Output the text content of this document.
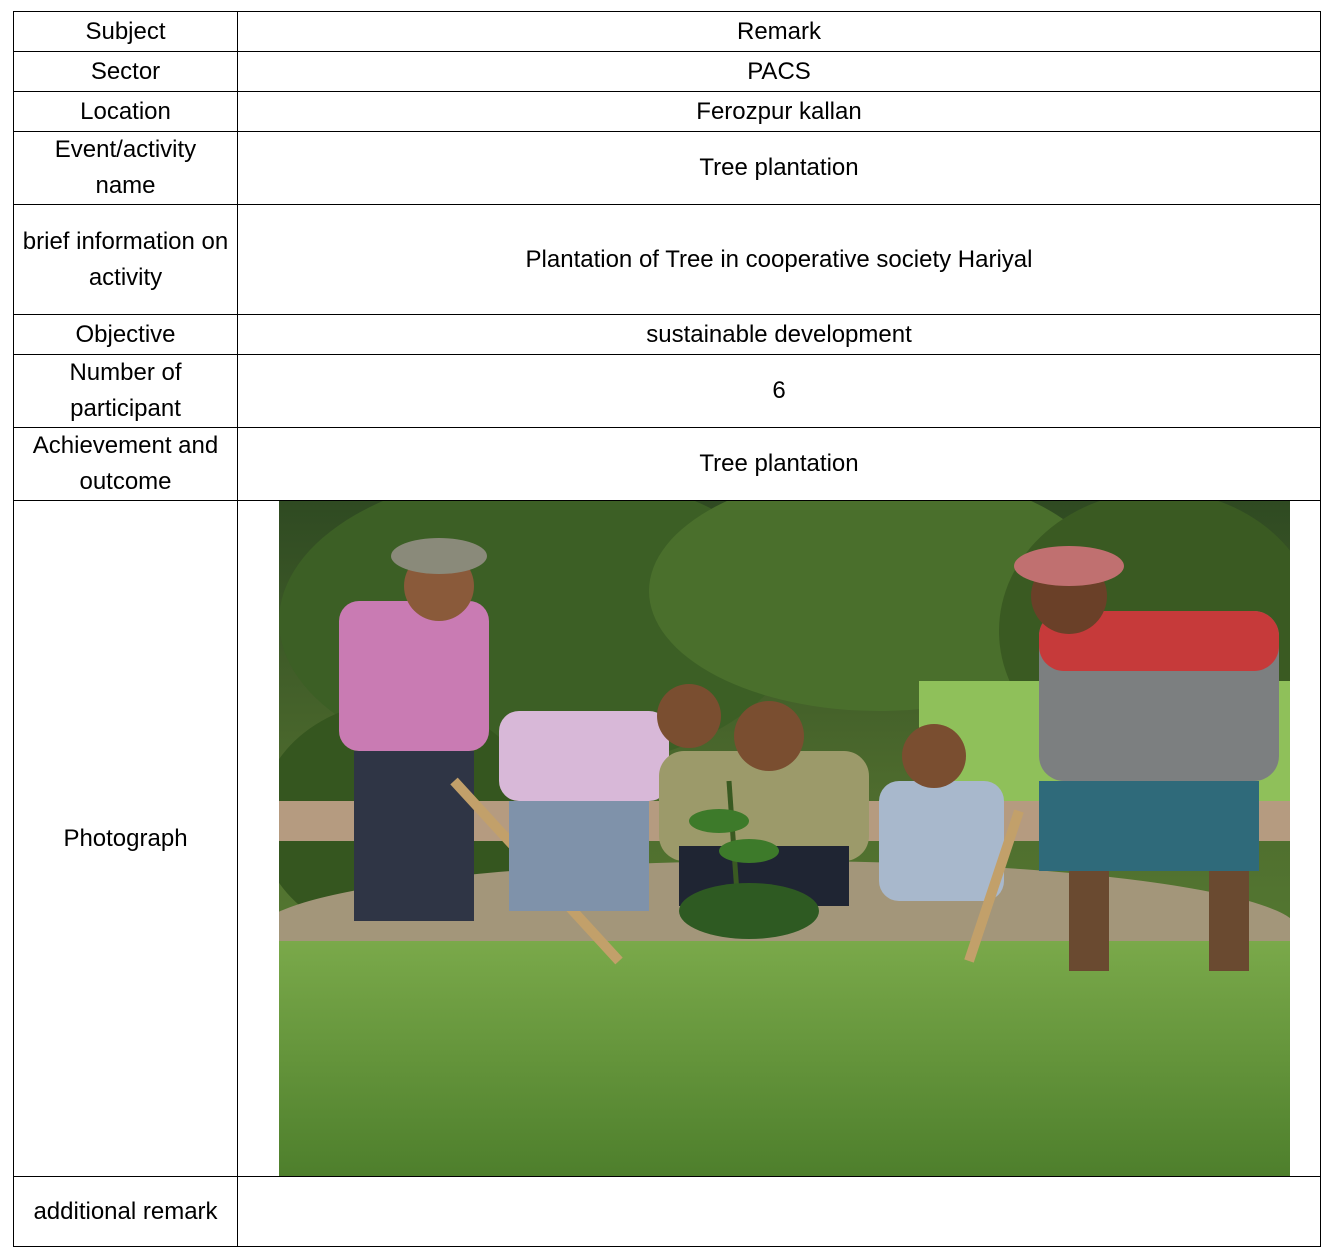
Subject	Remark
Sector	PACS
Location	Ferozpur kallan
Event/activity name	Tree plantation
brief information on activity	Plantation of Tree in cooperative society Hariyal
Objective	sustainable development
Number of participant	6
Achievement and outcome	Tree plantation
Photograph	

additional remark	
